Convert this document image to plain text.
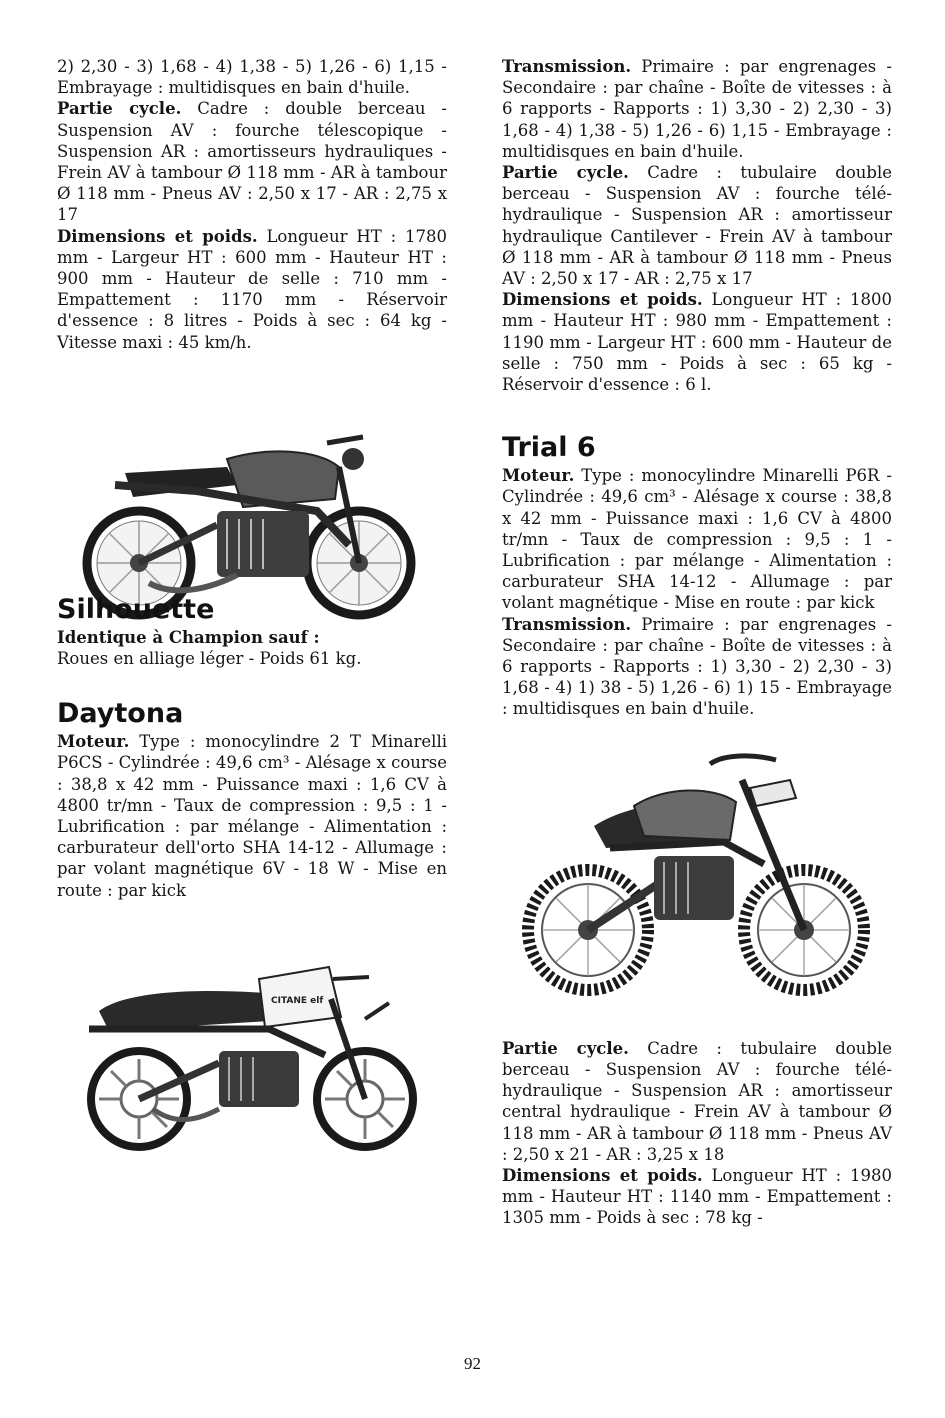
2) 2,30 - 3) 1,68 - 4) 1,38 - 5) 1,26 - 6) 1,15 - Embrayage : multidisques en bain d'huile.

Partie cycle. Cadre : double berceau - Suspension AV : fourche télescopique - Suspension AR : amortisseurs hydrauliques - Frein AV à tambour Ø 118 mm - AR à tambour Ø 118 mm - Pneus AV : 2,50 x 17 - AR : 2,75 x 17

Dimensions et poids. Longueur HT : 1780 mm - Largeur HT : 600 mm - Hauteur HT : 900 mm - Hauteur de selle : 710 mm - Empattement : 1170 mm - Réservoir d'essence : 8 litres - Poids à sec : 64 kg - Vitesse maxi : 45 km/h.

Silhouette

Identique à Champion sauf :

Roues en alliage léger - Poids 61 kg.

Daytona

Moteur. Type : monocylindre 2 T Minarelli P6CS - Cylindrée : 49,6 cm³ - Alésage x course : 38,8 x 42 mm - Puissance maxi : 1,6 CV à 4800 tr/mn - Taux de compression : 9,5 : 1 - Lubrification : par mélange - Alimentation : carburateur dell'orto SHA 14-12 - Allumage : par volant magnétique 6V - 18 W - Mise en route : par kick

CITANE elf

Transmission. Primaire : par engrenages - Secondaire : par chaîne - Boîte de vitesses : à 6 rapports - Rapports : 1) 3,30 - 2) 2,30 - 3) 1,68 - 4) 1,38 - 5) 1,26 - 6) 1,15 - Embrayage : multidisques en bain d'huile.

Partie cycle. Cadre : tubulaire double berceau - Suspension AV : fourche télé-hydraulique - Suspension AR : amortisseur hydraulique Cantilever - Frein AV à tambour Ø 118 mm - AR à tambour Ø 118 mm - Pneus AV : 2,50 x 17 - AR : 2,75 x 17

Dimensions et poids. Longueur HT : 1800 mm - Hauteur HT : 980 mm - Empattement : 1190 mm - Largeur HT : 600 mm - Hauteur de selle : 750 mm - Poids à sec : 65 kg - Réservoir d'essence : 6 l.

Trial 6

Moteur. Type : monocylindre Minarelli P6R - Cylindrée : 49,6 cm³ - Alésage x course : 38,8 x 42 mm - Puissance maxi : 1,6 CV à 4800 tr/mn - Taux de compression : 9,5 : 1 - Lubrification : par mélange - Alimentation : carburateur SHA 14-12 - Allumage : par volant magnétique - Mise en route : par kick

Transmission. Primaire : par engrenages - Secondaire : par chaîne - Boîte de vitesses : à 6 rapports - Rapports : 1) 3,30 - 2) 2,30 - 3) 1,68 - 4) 1) 38 - 5) 1,26 - 6) 1) 15 - Embrayage : multidisques en bain d'huile.

Partie cycle. Cadre : tubulaire double berceau - Suspension AV : fourche télé-hydraulique - Suspension AR : amortisseur central hydraulique - Frein AV à tambour Ø 118 mm - AR à tambour Ø 118 mm - Pneus AV : 2,50 x 21 - AR : 3,25 x 18

Dimensions et poids. Longueur HT : 1980 mm - Hauteur HT : 1140 mm - Empattement : 1305 mm - Poids à sec : 78 kg -

92
